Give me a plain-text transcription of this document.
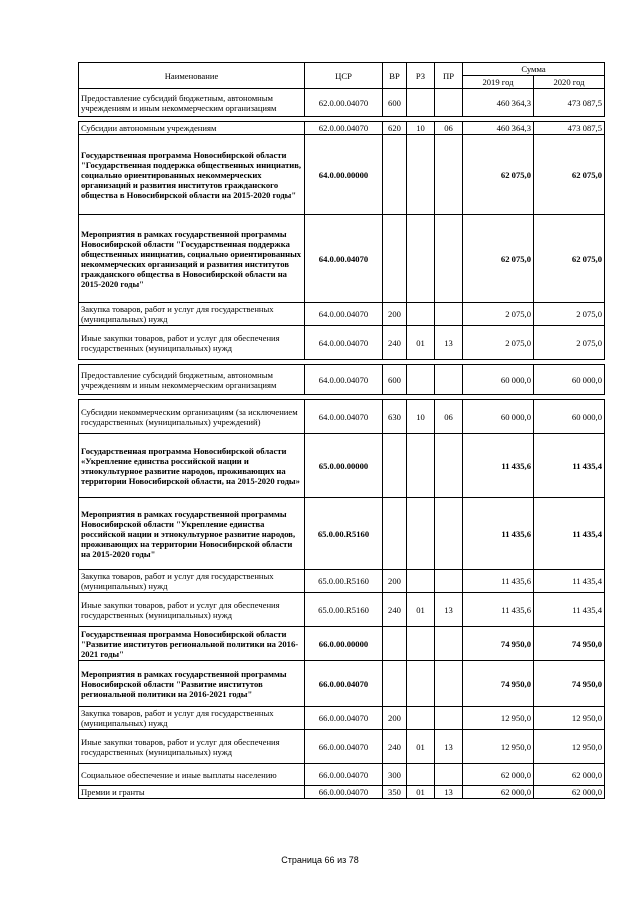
Наименование	ЦСР	ВР	РЗ	ПР	Сумма	
					2019 год	2020 год
Предоставление субсидий бюджетным, автономным учреждениям и иным некоммерческим организациям	62.0.00.04070	600			460 364,3	473 087,5

Субсидии автономным учреждениям	62.0.00.04070	620	10	06	460 364,3	473 087,5
Государственная программа Новосибирской области "Государственная поддержка общественных инициатив, социально ориентированных некоммерческих организаций и развития институтов гражданского общества в Новосибирской области на 2015-2020 годы"	64.0.00.00000				62 075,0	62 075,0
Мероприятия в рамках государственной программы Новосибирской области "Государственная поддержка общественных инициатив, социально ориентированных некоммерческих организаций и развития институтов гражданского общества в Новосибирской области на 2015-2020 годы"	64.0.00.04070				62 075,0	62 075,0
Закупка товаров, работ и услуг для государственных (муниципальных) нужд	64.0.00.04070	200			2 075,0	2 075,0
Иные закупки товаров, работ и услуг для обеспечения государственных (муниципальных) нужд	64.0.00.04070	240	01	13	2 075,0	2 075,0

Предоставление субсидий бюджетным, автономным учреждениям и иным некоммерческим организациям	64.0.00.04070	600			60 000,0	60 000,0

Субсидии некоммерческим организациям (за исключением государственных (муниципальных) учреждений)	64.0.00.04070	630	10	06	60 000,0	60 000,0
Государственная программа Новосибирской области «Укрепление единства российской нации и этнокультурное развитие народов, проживающих на территории Новосибирской области, на 2015-2020 годы»	65.0.00.00000				11 435,6	11 435,4
Мероприятия в рамках государственной программы Новосибирской области "Укрепление единства российской нации и этнокультурное развитие народов, проживающих на территории Новосибирской области на 2015-2020 годы"	65.0.00.R5160				11 435,6	11 435,4
Закупка товаров, работ и услуг для государственных (муниципальных) нужд	65.0.00.R5160	200			11 435,6	11 435,4
Иные закупки товаров, работ и услуг для обеспечения государственных (муниципальных) нужд	65.0.00.R5160	240	01	13	11 435,6	11 435,4
Государственная программа Новосибирской области "Развитие институтов региональной политики на 2016-2021 годы"	66.0.00.00000				74 950,0	74 950,0
Мероприятия в рамках государственной программы Новосибирской области "Развитие институтов региональной политики на 2016-2021 годы"	66.0.00.04070				74 950,0	74 950,0
Закупка товаров, работ и услуг для государственных (муниципальных) нужд	66.0.00.04070	200			12 950,0	12 950,0
Иные закупки товаров, работ и услуг для обеспечения государственных (муниципальных) нужд	66.0.00.04070	240	01	13	12 950,0	12 950,0
Социальное обеспечение и иные выплаты населению	66.0.00.04070	300			62 000,0	62 000,0
Премии и гранты	66.0.00.04070	350	01	13	62 000,0	62 000,0
Страница 66 из 78
